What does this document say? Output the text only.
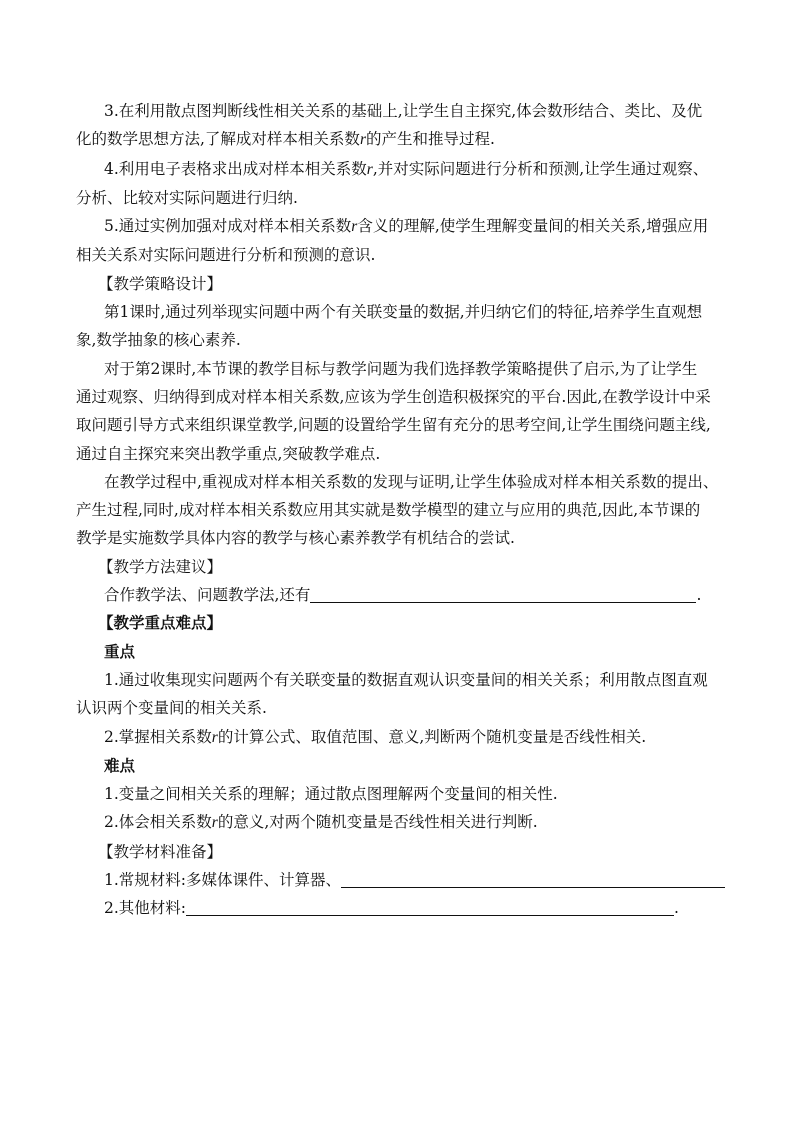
3.在利用散点图判断线性相关关系的基础上,让学生自主探究,体会数形结合、类比、及优
化的数学思想方法,了解成对样本相关系数r的产生和推导过程.

4.利用电子表格求出成对样本相关系数r,并对实际问题进行分析和预测,让学生通过观察、
分析、比较对实际问题进行归纳.

5.通过实例加强对成对样本相关系数r含义的理解,使学生理解变量间的相关关系,增强应用
相关关系对实际问题进行分析和预测的意识.

【教学策略设计】

第1课时,通过列举现实问题中两个有关联变量的数据,并归纳它们的特征,培养学生直观想
象,数学抽象的核心素养.

对于第2课时,本节课的教学目标与教学问题为我们选择教学策略提供了启示,为了让学生
通过观察、归纳得到成对样本相关系数,应该为学生创造积极探究的平台.因此,在教学设计中采
取问题引导方式来组织课堂教学,问题的设置给学生留有充分的思考空间,让学生围绕问题主线,
通过自主探究来突出教学重点,突破教学难点.

在教学过程中,重视成对样本相关系数的发现与证明,让学生体验成对样本相关系数的提出、
产生过程,同时,成对样本相关系数应用其实就是数学模型的建立与应用的典范,因此,本节课的
教学是实施数学具体内容的教学与核心素养教学有机结合的尝试.

【教学方法建议】

合作教学法、问题教学法,还有	.

【教学重点难点】

重点

1.通过收集现实问题两个有关联变量的数据直观认识变量间的相关关系；利用散点图直观
认识两个变量间的相关关系.

2.掌握相关系数r的计算公式、取值范围、意义,判断两个随机变量是否线性相关.

难点

1.变量之间相关关系的理解；通过散点图理解两个变量间的相关性.

2.体会相关系数r的意义,对两个随机变量是否线性相关进行判断.

【教学材料准备】

1.常规材料:多媒体课件、计算器、

2.其他材料:	.
